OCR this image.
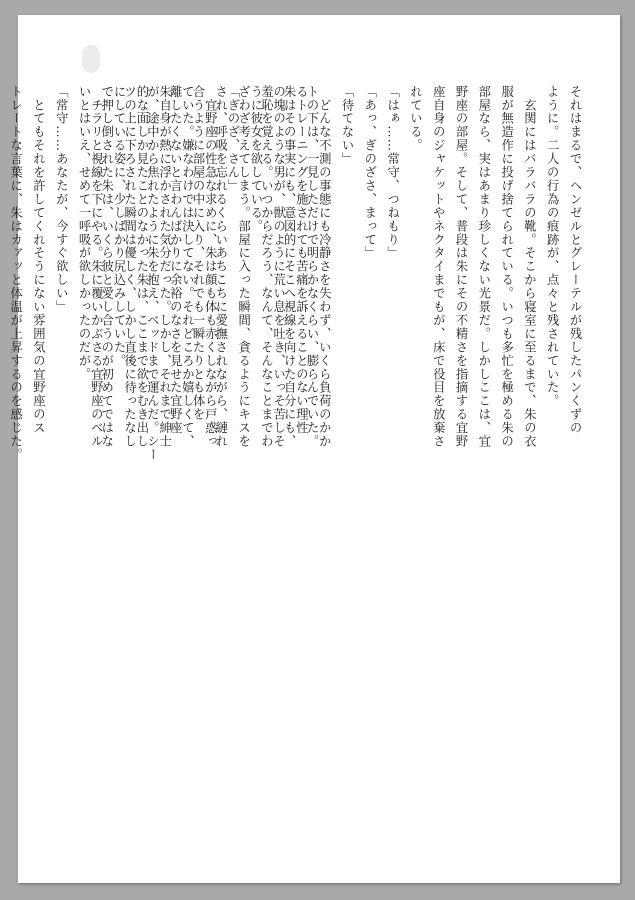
それはまるで、ヘンゼルとグレーテルが残したパンくずの
ように。二人の行為の痕跡が、点々と残されていた。
　玄関にはバラバラの靴。そこから寝室に至るまで、朱の衣
服が無造作に投げ捨てられている。いつも多忙を極める朱の
部屋なら、実はあまり珍しくない光景だ。しかしここは、宜
野座の部屋。そして、普段は朱にその不精さを指摘する宜野
座自身のジャケットやネクタイまでもが、床で役目を放棄さ
れている。
「はぁ……常守、つねもり」
「あっ、ぎのざさ、まって」
「待てない」
　どんな不測の事態にも冷静さを失わず、いくら負荷のかか
るトレーニングを施されても苦痛を訴えることのない理性
の塊のような男が、獣のように荒い息を吐き、いっそ苦しそ
うに彼女を欲している。
「ぎのざ、さん」
　宜野座の性急な求めに、朱は顔も体も赤くしながら戸惑っ
ていた。嫌なわけでは決してない。それどころか嬉しくて、
朱自身が熱に浮かされた気分だった。しかし、それまで紳士
的な面しか見たことのなかった朱は、ここまで欲をむき出し
にしている姿に、少しばかり尻込みしていた。
　チラリと視線を下にやる。朱に覆いかぶさる宜野座のベル	トの下は、一見しただけで明らかなくらい、膨らんでいた。
朱はその事実にも、意図的にそこへ視線を向けた自分にも、
羞恥を覚える。いつからだろう、なんて、そんなことまでわ
ざわざ考えてしまう。部屋に入った瞬間、貪るようにキスを
され、呼吸を忘れるくらいあちこちに愛撫されながら、縺れ
合うように部屋の中に入り、それでも一瞬たりとも体を
離したくないと言わんばかりに余裕のなさを見せた宜野座
が、途中から焦れたように朱を抱え、ベッドまで運んだ。シー
ツの上に下ろされた瞬間は優しく、しかし直後に待ったなし
で押し倒された朱は、いくら彼と愛し合うのが初めてではな
いとはいえ、せめて一呼吸が欲しかったのだが。
「常守……あなたが、今すぐ欲しい」
　とてもそれを許してくれそうにない雰囲気の宜野座のス
トレートな言葉に、朱はカァッと体温が上昇するのを感じた。
